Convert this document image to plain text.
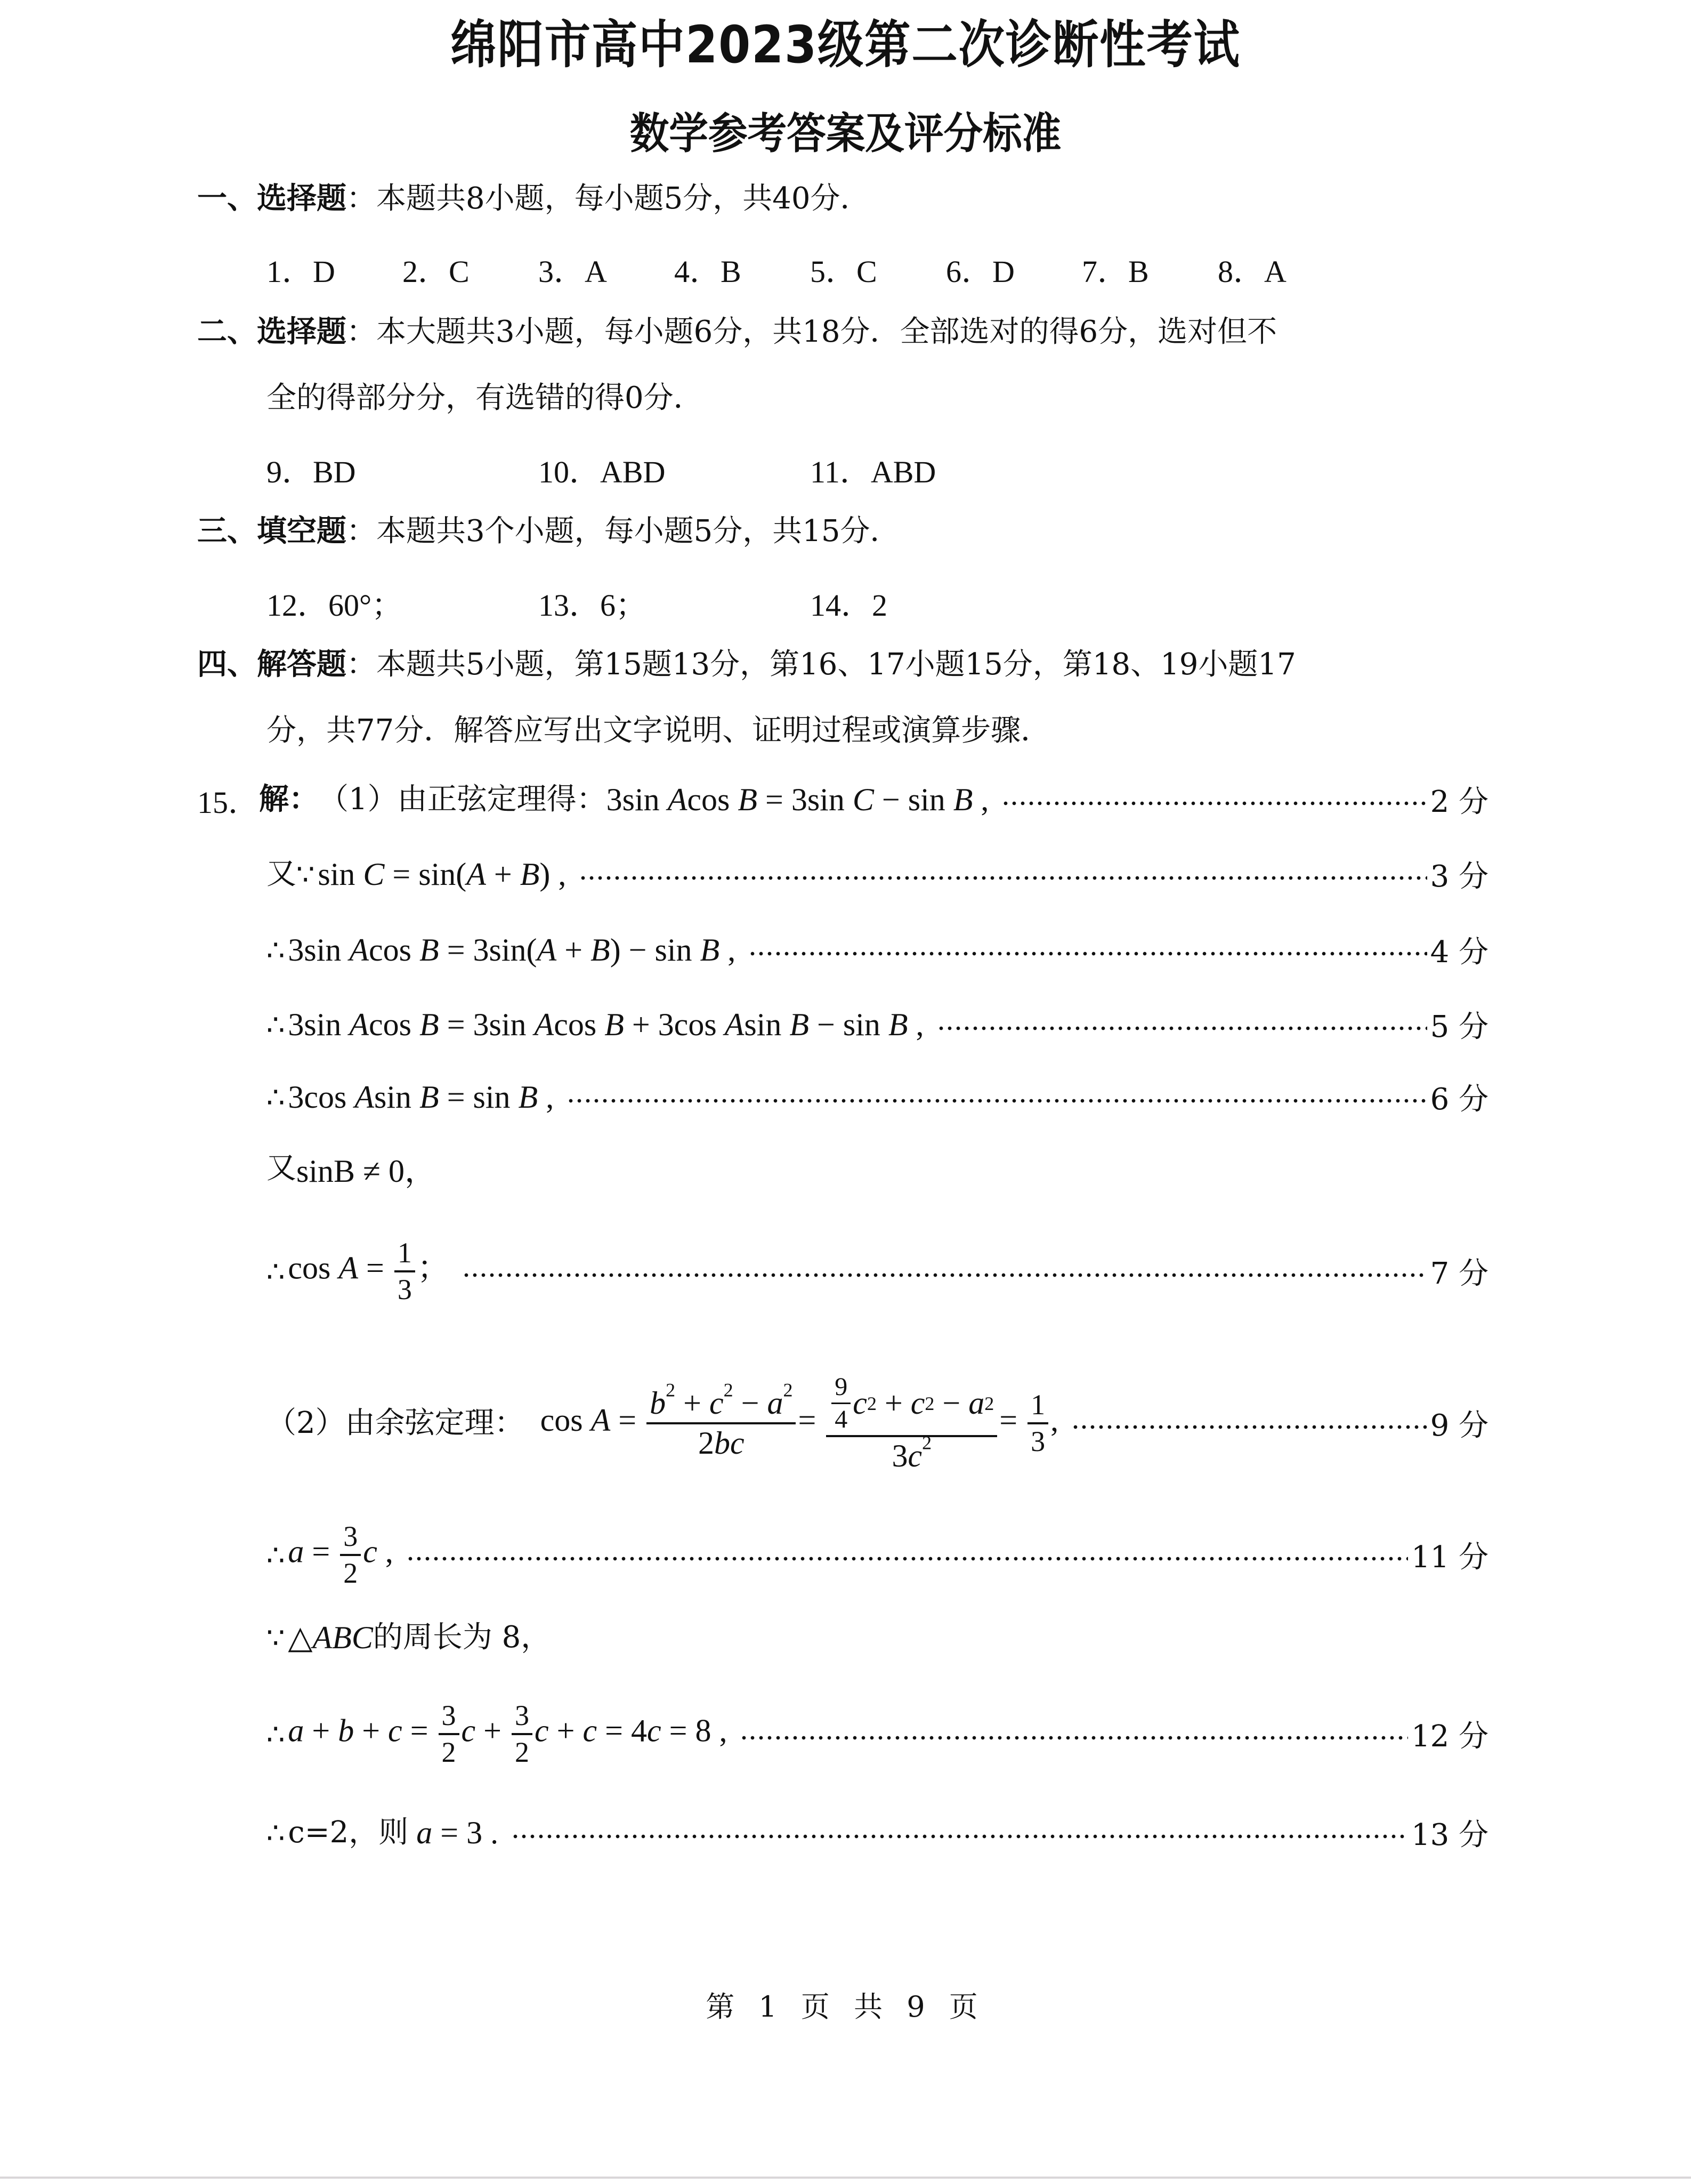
绵阳市高中2023级第二次诊断性考试
数学参考答案及评分标准
一、选择题：本题共8小题，每小题5分，共40分．
1．D 2．C 3．A 4．B 5．C 6．D 7．B 8．A
二、选择题：本大题共3小题，每小题6分，共18分．全部选对的得6分，选对但不
全的得部分分，有选错的得0分．
9．BD	10．ABD	11．ABD
三、填空题：本题共3个小题，每小题5分，共15分．
12．60°；	13．6；	14．2
四、解答题：本题共5小题，第15题13分，第16、17小题15分，第18、19小题17
分，共77分．解答应写出文字说明、证明过程或演算步骤．
15． 解： （1）由正弦定理得： 3sin Acos B = 3sin C − sin B ,	2 分
又 ∵ sin C = sin(A + B) ,	3 分
∴ 3sin Acos B = 3sin(A + B) − sin B ,	4 分
∴ 3sin Acos B = 3sin Acos B + 3cos Asin B − sin B ,	5 分
∴ 3cos Asin B = sin B ,	6 分
又 sinB ≠ 0，
∴ $\cos A = \frac{1}{3}$ ；	7 分
（2）由余弦定理： $\cos A = \frac{b^2 + c^2 - a^2}{2bc} = \frac{\frac{9}{4} c 2 + c 2 - a 2}{3c^2} = \frac{1}{3}$ ,	9 分
∴ $a = \frac{3}{2}$ c ,	11 分
∵ △ABC 的周长为 8，
∴ $a + b + c = \frac{3}{2}$ $c + \frac{3}{2}$ c + c = 4c = 8 ,	12 分
∴ c=2，则 a = 3 .	13 分
第 1 页 共 9 页
